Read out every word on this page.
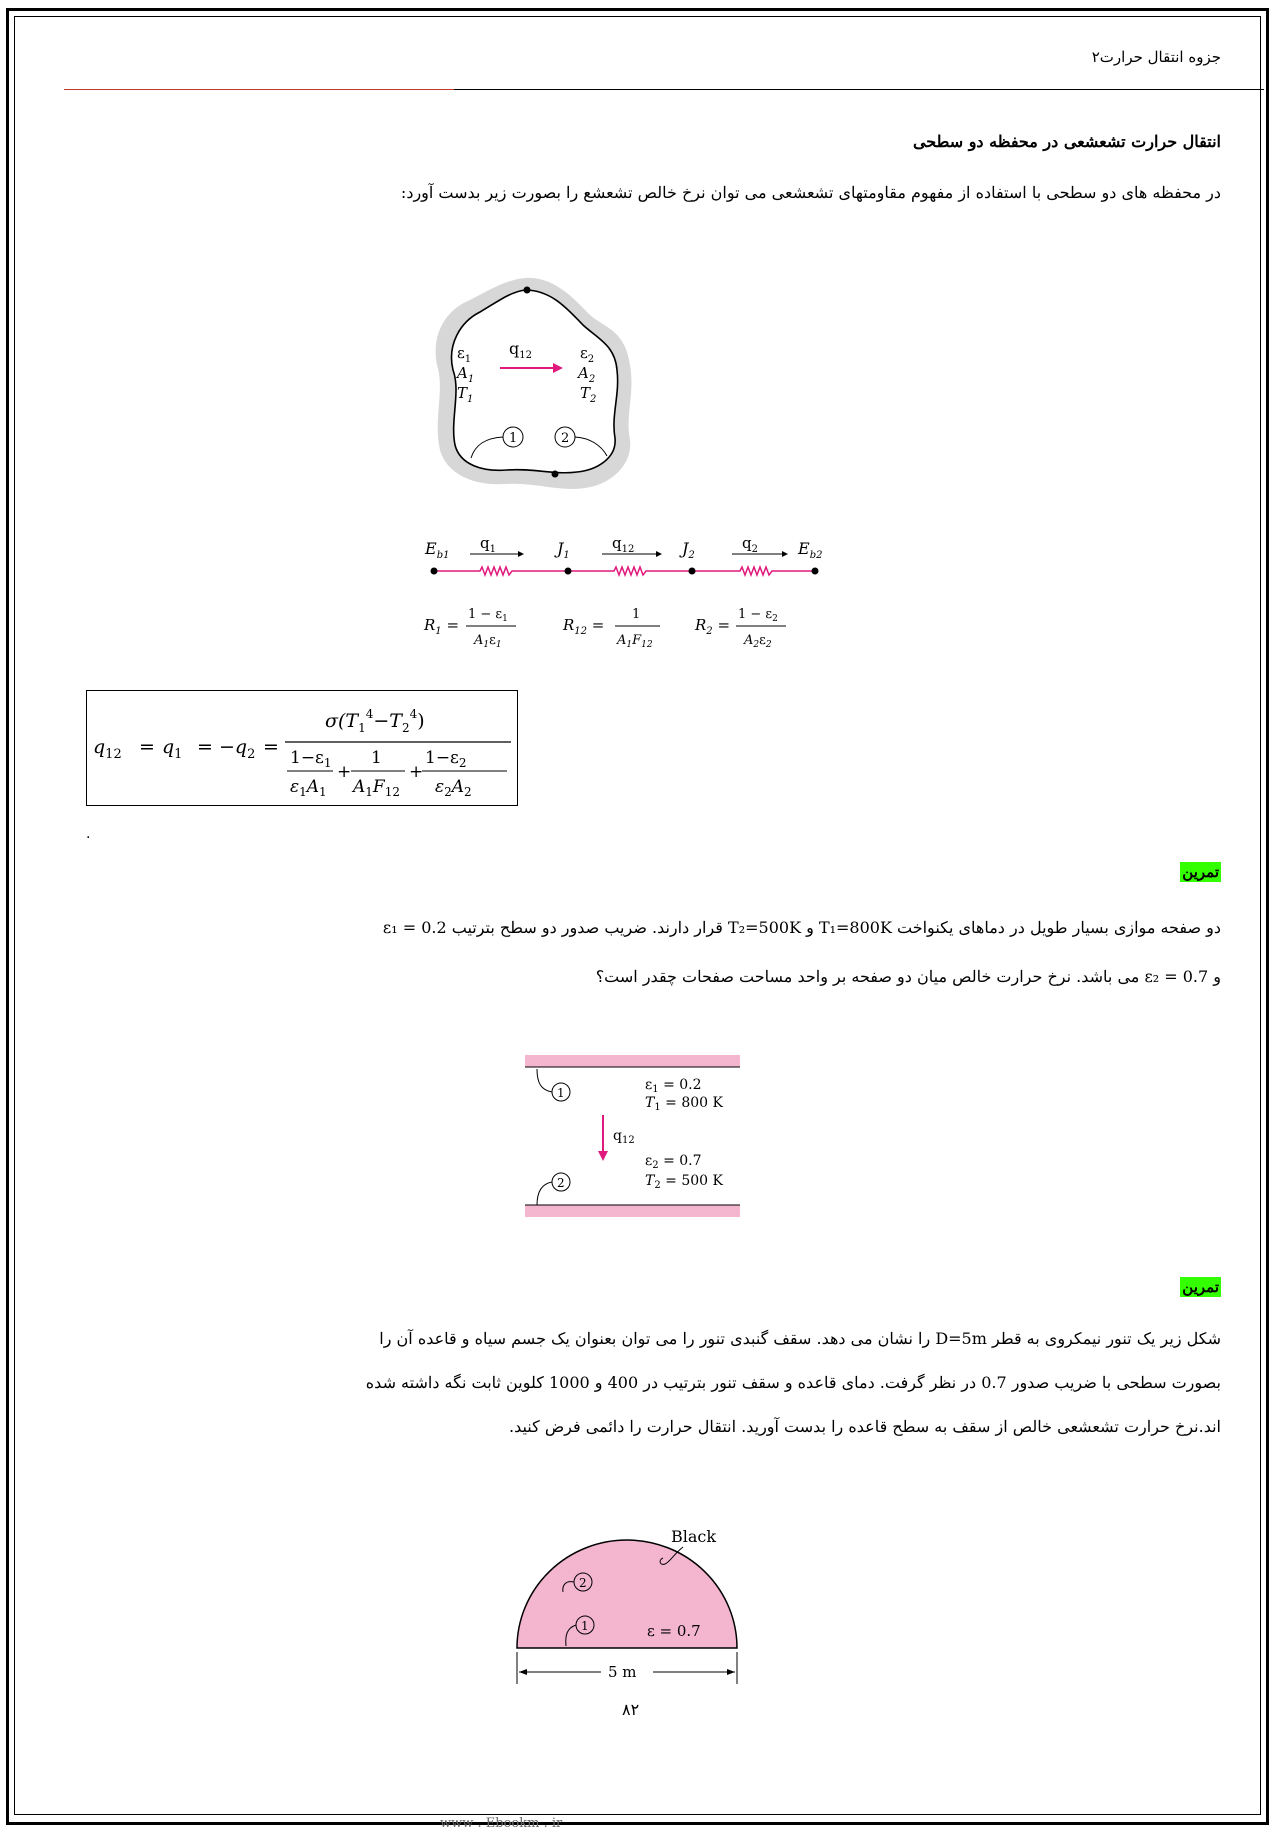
جزوه انتقال حرارت۲
انتقال حرارت تشعشعی در محفظه دو سطحی
در محفظه های دو سطحی با استفاده از مفهوم مقاومتهای تشعشعی می توان نرخ خالص تشعشع را بصورت زیر بدست آورد:
$\varepsilon_1$
$A_1$
$T_1$
$q_{12}$	$\varepsilon_2$
$A_2$
$T_2$
1	2
$E_{b1}$
$q_1$	$J_1$
$q_{12}$	$J_2$
$q_2$	$E_{b2}$
$R_1$ =
$1 - \varepsilon_1$
$A_1\varepsilon_1$
$R_{12}$ =
1
$A_1F_{12}$
$R_2$ =
$1 - \varepsilon_2$
$A_2\varepsilon_2$
$q_{12} = q_1 = -q_2$ =
$\sigma(T_1^4-T_2^4)$
$1-\varepsilon_1$
$\varepsilon_1A_1$
+
1
$A_1F_{12}$
+
$1-\varepsilon_2$
$\varepsilon_2A_2$
.
تمرین
دو صفحه موازی بسیار طویل در دماهای یکنواخت T₁=800K و T₂=500K قرار دارند. ضریب صدور دو سطح بترتیب ε₁ = 0.2
و 0.7 = ε₂ می باشد. نرخ حرارت خالص میان دو صفحه بر واحد مساحت صفحات چقدر است؟
1	$\varepsilon_1 = 0.2$
$T_1 = 800$ K
$q_{12}$
$\varepsilon_2 = 0.7$
$T_2 = 500$ K
2
تمرین
شکل زیر یک تنور نیمکروی به قطر D=5m را نشان می دهد. سقف گنبدی تنور را می توان بعنوان یک جسم سیاه و قاعده آن را
بصورت سطحی با ضریب صدور 0.7 در نظر گرفت. دمای قاعده و سقف تنور بترتیب در 400 و 1000 کلوین ثابت نگه داشته شده
اند.نرخ حرارت تشعشعی خالص از سقف به سطح قاعده را بدست آورید. انتقال حرارت را دائمی فرض کنید.
Black
2
1	ε = 0.7
5 m
۸۲
www . Ebookm . ir
